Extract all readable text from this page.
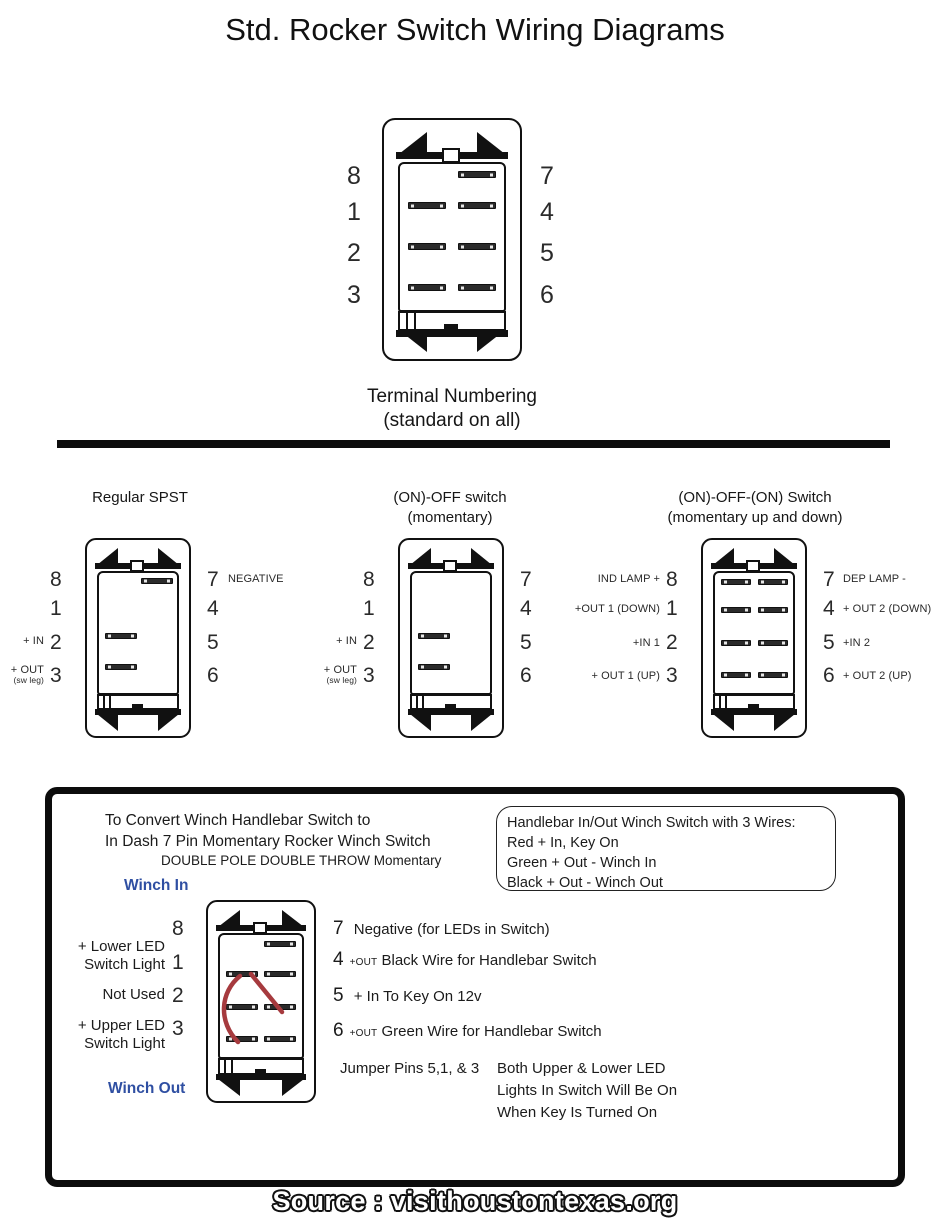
Std. Rocker Switch Wiring Diagrams
8
1
2
3
7
4
5
6
Terminal Numbering
(standard on all)
Regular SPST
8
1
2
3
7
4
5
6
+ IN
+ OUT
(sw leg)
NEGATIVE
(ON)-OFF switch
(momentary)
8
1
2
3
7
4
5
6
+ IN
+ OUT
(sw leg)
(ON)-OFF-(ON) Switch
(momentary up and down)
8
1
2
3
7
4
5
6
IND LAMP +
+OUT 1 (DOWN)
+IN 1
+ OUT 1 (UP)
DEP LAMP -
+ OUT 2 (DOWN)
+IN 2
+ OUT 2 (UP)
To Convert Winch Handlebar Switch to
In Dash 7 Pin Momentary Rocker Winch Switch
DOUBLE POLE DOUBLE THROW Momentary
Handlebar In/Out Winch Switch with 3 Wires:
Red + In, Key On
Green + Out - Winch In
Black + Out - Winch Out
Winch In
Winch Out
8
1
2
3
+ Lower LED
Switch Light
Not Used
+ Upper LED
Switch Light
7 Negative (for LEDs in Switch)
4 +OUT Black Wire for Handlebar Switch
5 + In To Key On 12v
6 +OUT Green Wire for Handlebar Switch
Jumper Pins 5,1, & 3 Both Upper & Lower LED
Lights In Switch Will Be On
When Key Is Turned On
Source : visithoustontexas.org
